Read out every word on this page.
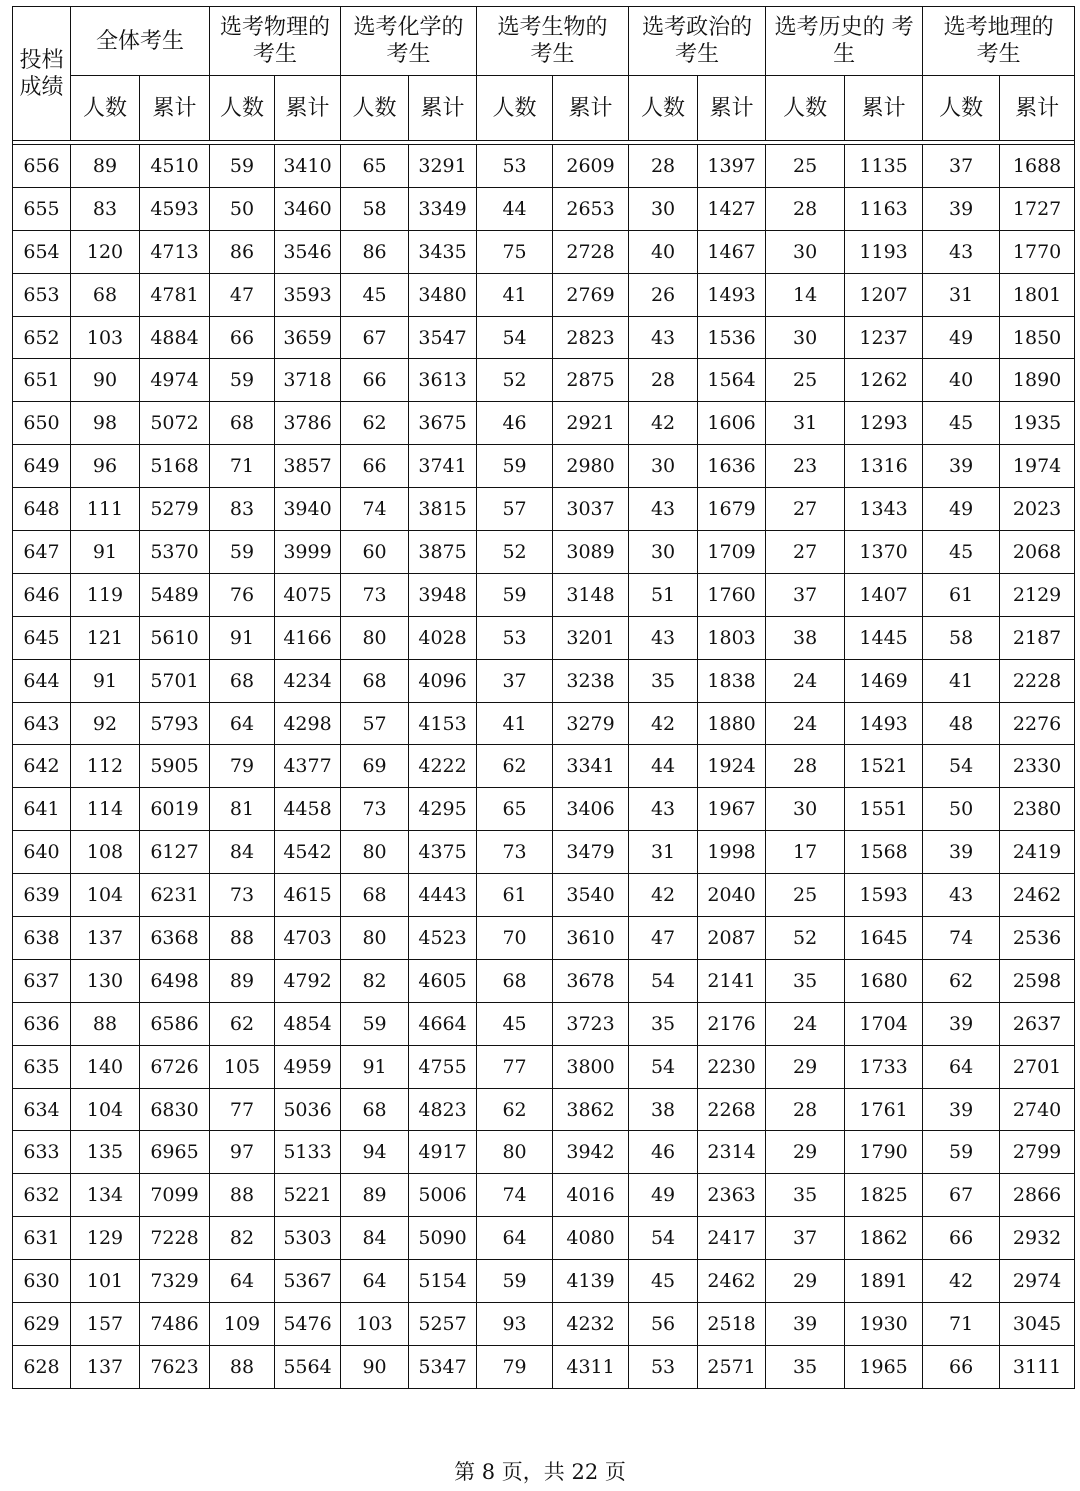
投档成绩	全体考生		选考物理的考生		选考化学的考生		选考生物的考生		选考政治的考生		选考历史的 考生		选考地理的考生	
	人数	累计	人数	累计	人数	累计	人数	累计	人数	累计	人数	累计	人数	累计

656	89	4510	59	3410	65	3291	53	2609	28	1397	25	1135	37	1688
655	83	4593	50	3460	58	3349	44	2653	30	1427	28	1163	39	1727
654	120	4713	86	3546	86	3435	75	2728	40	1467	30	1193	43	1770
653	68	4781	47	3593	45	3480	41	2769	26	1493	14	1207	31	1801
652	103	4884	66	3659	67	3547	54	2823	43	1536	30	1237	49	1850
651	90	4974	59	3718	66	3613	52	2875	28	1564	25	1262	40	1890
650	98	5072	68	3786	62	3675	46	2921	42	1606	31	1293	45	1935
649	96	5168	71	3857	66	3741	59	2980	30	1636	23	1316	39	1974
648	111	5279	83	3940	74	3815	57	3037	43	1679	27	1343	49	2023
647	91	5370	59	3999	60	3875	52	3089	30	1709	27	1370	45	2068
646	119	5489	76	4075	73	3948	59	3148	51	1760	37	1407	61	2129
645	121	5610	91	4166	80	4028	53	3201	43	1803	38	1445	58	2187
644	91	5701	68	4234	68	4096	37	3238	35	1838	24	1469	41	2228
643	92	5793	64	4298	57	4153	41	3279	42	1880	24	1493	48	2276
642	112	5905	79	4377	69	4222	62	3341	44	1924	28	1521	54	2330
641	114	6019	81	4458	73	4295	65	3406	43	1967	30	1551	50	2380
640	108	6127	84	4542	80	4375	73	3479	31	1998	17	1568	39	2419
639	104	6231	73	4615	68	4443	61	3540	42	2040	25	1593	43	2462
638	137	6368	88	4703	80	4523	70	3610	47	2087	52	1645	74	2536
637	130	6498	89	4792	82	4605	68	3678	54	2141	35	1680	62	2598
636	88	6586	62	4854	59	4664	45	3723	35	2176	24	1704	39	2637
635	140	6726	105	4959	91	4755	77	3800	54	2230	29	1733	64	2701
634	104	6830	77	5036	68	4823	62	3862	38	2268	28	1761	39	2740
633	135	6965	97	5133	94	4917	80	3942	46	2314	29	1790	59	2799
632	134	7099	88	5221	89	5006	74	4016	49	2363	35	1825	67	2866
631	129	7228	82	5303	84	5090	64	4080	54	2417	37	1862	66	2932
630	101	7329	64	5367	64	5154	59	4139	45	2462	29	1891	42	2974
629	157	7486	109	5476	103	5257	93	4232	56	2518	39	1930	71	3045
628	137	7623	88	5564	90	5347	79	4311	53	2571	35	1965	66	3111
第 8 页，共 22 页
